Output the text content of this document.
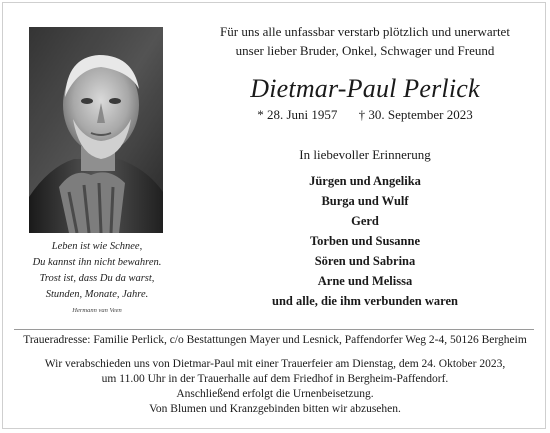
Leben ist wie Schnee,
Du kannst ihn nicht bewahren.
Trost ist, dass Du da warst,
Stunden, Monate, Jahre.
Hermann van Veen
Für uns alle unfassbar verstarb plötzlich und unerwartet
unser lieber Bruder, Onkel, Schwager und Freund
Dietmar-Paul Perlick
* 28. Juni 1957 † 30. September 2023
In liebevoller Erinnerung
Jürgen und Angelika
Burga und Wulf
Gerd
Torben und Susanne
Sören und Sabrina
Arne und Melissa
und alle, die ihm verbunden waren
Traueradresse: Familie Perlick, c/o Bestattungen Mayer und Lesnick, Paffendorfer Weg 2-4, 50126 Bergheim
Wir verabschieden uns von Dietmar-Paul mit einer Trauerfeier am Dienstag, dem 24. Oktober 2023,
um 11.00 Uhr in der Trauerhalle auf dem Friedhof in Bergheim-Paffendorf.
Anschließend erfolgt die Urnenbeisetzung.
Von Blumen und Kranzgebinden bitten wir abzusehen.
